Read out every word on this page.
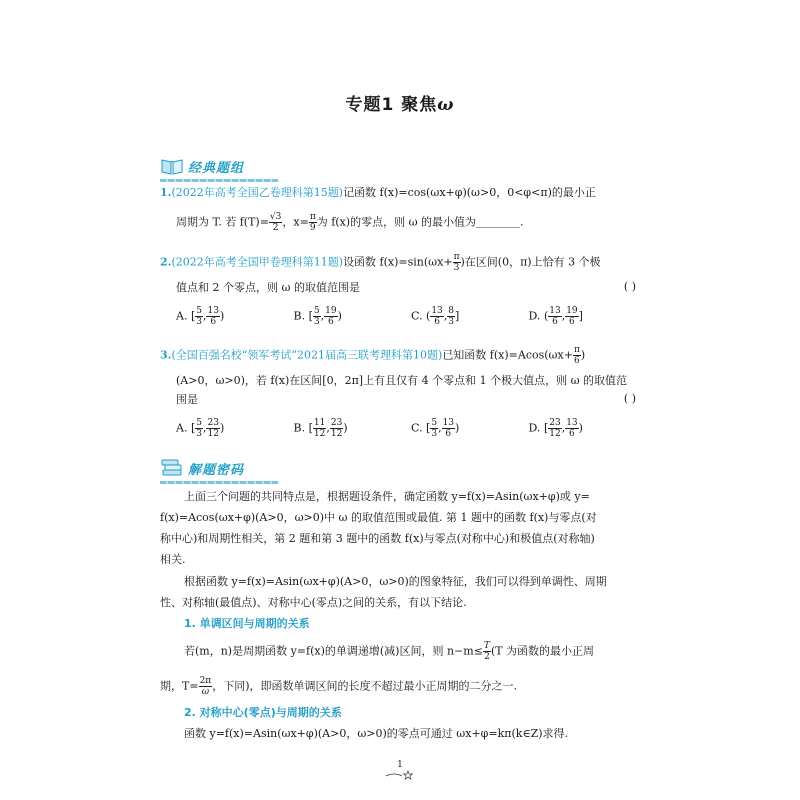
专题1 聚焦ω
经典题组
1.(2022年高考全国乙卷理科第15题)记函数 f(x)=cos(ωx+φ)(ω>0，0<φ<π)的最小正
周期为 T. 若 $f(T)= \frac{√3}{2}$ ，$x= \frac{\pi}{9}$ 为 f(x)的零点，则 ω 的最小值为________.
2.(2022年高考全国甲卷理科第11题)设函数 $f(x)=\sin(\omega x+ \frac{\pi}{3}$ )在区间(0，π)上恰有 3 个极
值点和 2 个零点，则 ω 的取值范围是	( )
A. [ $\frac{5}{3}$ , $\frac{13}{6}$ )	B. [ $\frac{5}{3}$ , $\frac{19}{6}$ )	C. ( $\frac{13}{6}$ , $\frac{8}{3}$ ]	D. ( $\frac{13}{6}$ , $\frac{19}{6}$ ]
3.(全国百强名校“领军考试”2021届高三联考理科第10题)已知函数 $f(x)=Acos(\omega x+ \frac{\pi}{6}$ )
(A>0，ω>0)，若 f(x)在区间[0，2π]上有且仅有 4 个零点和 1 个极大值点，则 ω 的取值范
围是	( )
A. [ $\frac{5}{3}$ , $\frac{23}{12}$ )	B. [ $\frac{11}{12}$ , $\frac{23}{12}$ )	C. [ $\frac{5}{3}$ , $\frac{13}{6}$ )	D. [ $\frac{23}{12}$ , $\frac{13}{6}$ )
解题密码
上面三个问题的共同特点是，根据题设条件，确定函数 y=f(x)=Asin(ωx+φ)或 y=
f(x)=Acos(ωx+φ)(A>0，ω>0)中 ω 的取值范围或最值. 第 1 题中的函数 f(x)与零点(对
称中心)和周期性相关，第 2 题和第 3 题中的函数 f(x)与零点(对称中心)和极值点(对称轴)
相关.
根据函数 y=f(x)=Asin(ωx+φ)(A>0，ω>0)的图象特征，我们可以得到单调性、周期
性、对称轴(最值点)、对称中心(零点)之间的关系，有以下结论.
1. 单调区间与周期的关系
若(m，n)是周期函数 y=f(x)的单调递增(减)区间，则 $n-m\le \frac{T}{2} (T$ 为函数的最小正周
期，$T= \frac{2\pi}{\omega}$ ，下同)，即函数单调区间的长度不超过最小正周期的二分之一.
2. 对称中心(零点)与周期的关系
函数 y=f(x)=Asin(ωx+φ)(A>0，ω>0)的零点可通过 ωx+φ=kπ(k∈Z)求得.
1
